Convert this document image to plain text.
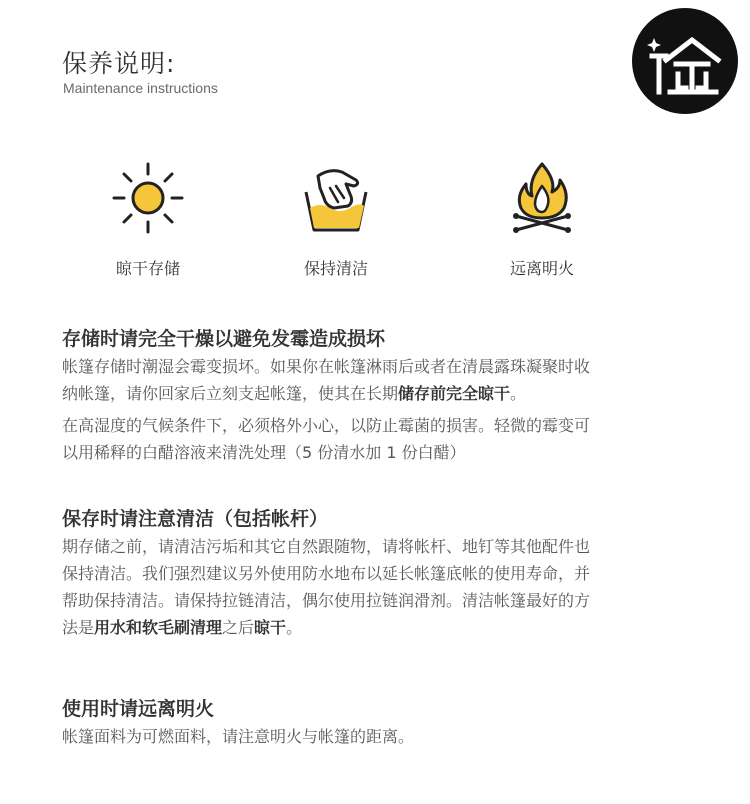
保养说明:
Maintenance instructions
晾干存储	保持清洁	远离明火
存储时请完全干燥以避免发霉造成损坏

帐篷存储时潮湿会霉变损坏。如果你在帐篷淋雨后或者在清晨露珠凝聚时收
纳帐篷，请你回家后立刻支起帐篷，使其在长期储存前完全晾干。

在高湿度的气候条件下，必须格外小心，以防止霉菌的损害。轻微的霉变可
以用稀释的白醋溶液来清洗处理（5 份清水加 1 份白醋）

保存时请注意清洁（包括帐杆）

期存储之前，请清洁污垢和其它自然跟随物，请将帐杆、地钉等其他配件也
保持清洁。我们强烈建议另外使用防水地布以延长帐篷底帐的使用寿命，并
帮助保持清洁。请保持拉链清洁，偶尔使用拉链润滑剂。清洁帐篷最好的方
法是用水和软毛刷清理之后晾干。

使用时请远离明火

帐篷面料为可燃面料，请注意明火与帐篷的距离。
